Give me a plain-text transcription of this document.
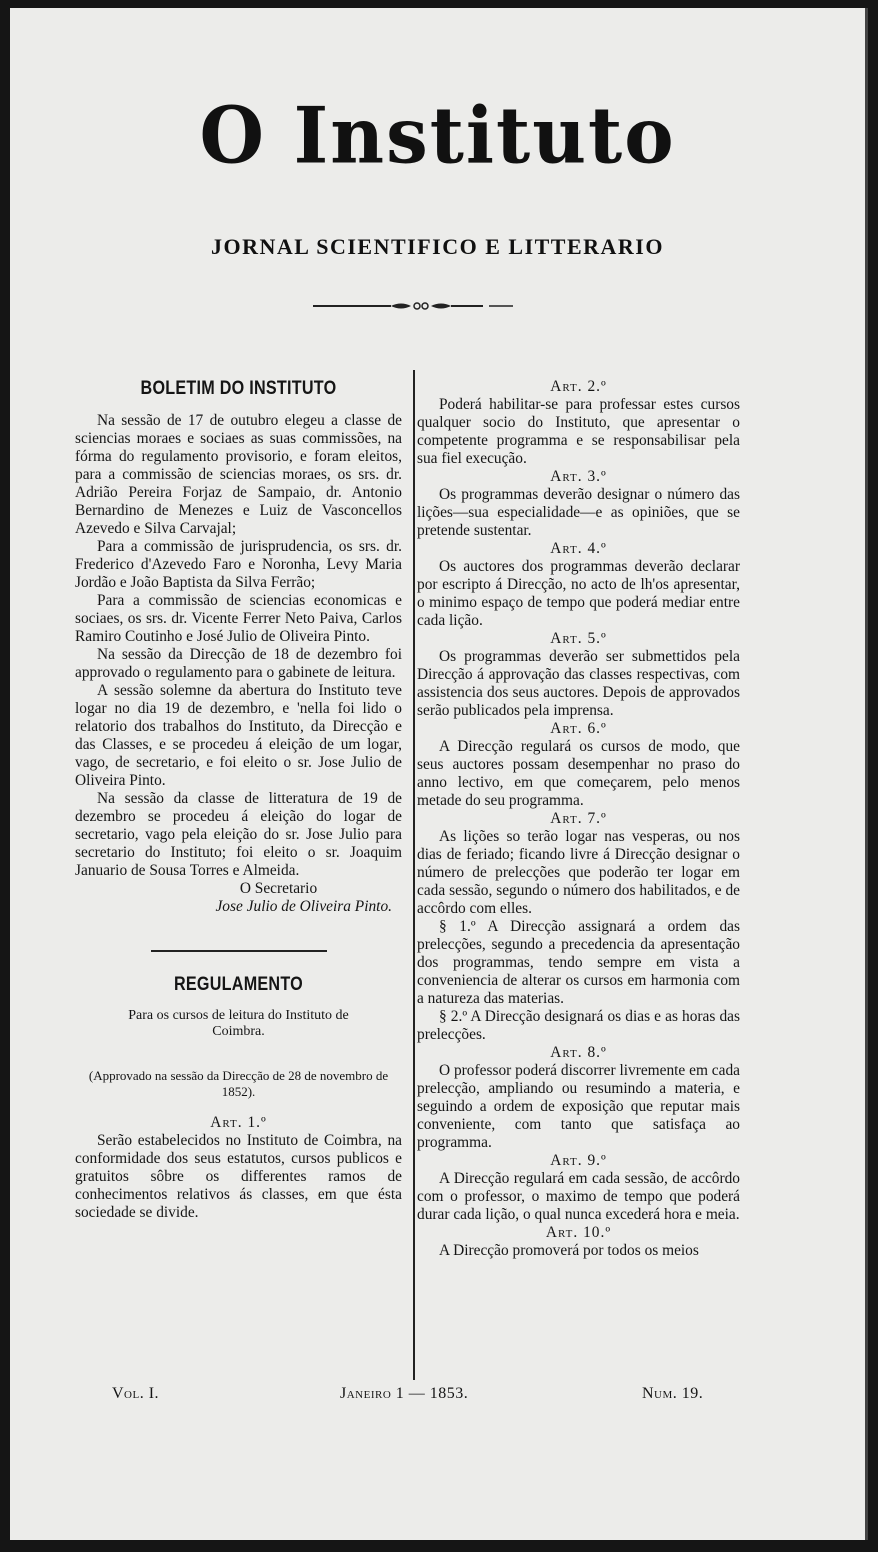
O Instituto
JORNAL SCIENTIFICO E LITTERARIO
BOLETIM DO INSTITUTO

Na sessão de 17 de outubro elegeu a classe de sciencias moraes e sociaes as suas commissões, na fórma do regulamento provisorio, e foram eleitos, para a commissão de sciencias moraes, os srs. dr. Adrião Pereira Forjaz de Sampaio, dr. Antonio Bernardino de Menezes e Luiz de Vasconcellos Azevedo e Silva Carvajal;

Para a commissão de jurisprudencia, os srs. dr. Frederico d'Azevedo Faro e Noronha, Levy Maria Jordão e João Baptista da Silva Ferrão;

Para a commissão de sciencias economicas e sociaes, os srs. dr. Vicente Ferrer Neto Paiva, Carlos Ramiro Coutinho e José Julio de Oliveira Pinto.

Na sessão da Direcção de 18 de dezembro foi approvado o regulamento para o gabinete de leitura.

A sessão solemne da abertura do Instituto teve logar no dia 19 de dezembro, e 'nella foi lido o relatorio dos trabalhos do Instituto, da Direcção e das Classes, e se procedeu á eleição de um logar, vago, de secretario, e foi eleito o sr. Jose Julio de Oliveira Pinto.

Na sessão da classe de litteratura de 19 de dezembro se procedeu á eleição do logar de secretario, vago pela eleição do sr. Jose Julio para secretario do Instituto; foi eleito o sr. Joaquim Januario de Sousa Torres e Almeida.

O Secretario

Jose Julio de Oliveira Pinto.

REGULAMENTO

Para os cursos de leitura do Instituto de Coimbra.

(Approvado na sessão da Direcção de 28 de novembro de 1852).

Art. 1.º

Serão estabelecidos no Instituto de Coimbra, na conformidade dos seus estatutos, cursos publicos e gratuitos sôbre os differentes ramos de conhecimentos relativos ás classes, em que ésta sociedade se divide.

Art. 2.º

Poderá habilitar-se para professar estes cursos qualquer socio do Instituto, que apresentar o competente programma e se responsabilisar pela sua fiel execução.

Art. 3.º

Os programmas deverão designar o número das lições—sua especialidade—e as opiniões, que se pretende sustentar.

Art. 4.º

Os auctores dos programmas deverão declarar por escripto á Direcção, no acto de lh'os apresentar, o minimo espaço de tempo que poderá mediar entre cada lição.

Art. 5.º

Os programmas deverão ser submettidos pela Direcção á approvação das classes respectivas, com assistencia dos seus auctores. Depois de approvados serão publicados pela imprensa.

Art. 6.º

A Direcção regulará os cursos de modo, que seus auctores possam desempenhar no praso do anno lectivo, em que começarem, pelo menos metade do seu programma.

Art. 7.º

As lições so terão logar nas vesperas, ou nos dias de feriado; ficando livre á Direcção designar o número de prelecções que poderão ter logar em cada sessão, segundo o número dos habilitados, e de accôrdo com elles.

§ 1.º A Direcção assignará a ordem das prelecções, segundo a precedencia da apresentação dos programmas, tendo sempre em vista a conveniencia de alterar os cursos em harmonia com a natureza das materias.

§ 2.º A Direcção designará os dias e as horas das prelecções.

Art. 8.º

O professor poderá discorrer livremente em cada prelecção, ampliando ou resumindo a materia, e seguindo a ordem de exposição que reputar mais conveniente, com tanto que satisfaça ao programma.

Art. 9.º

A Direcção regulará em cada sessão, de accôrdo com o professor, o maximo de tempo que poderá durar cada lição, o qual nunca excederá hora e meia.

Art. 10.º

A Direcção promoverá por todos os meios

Vol. I.	Janeiro 1 — 1853.	Num. 19.
